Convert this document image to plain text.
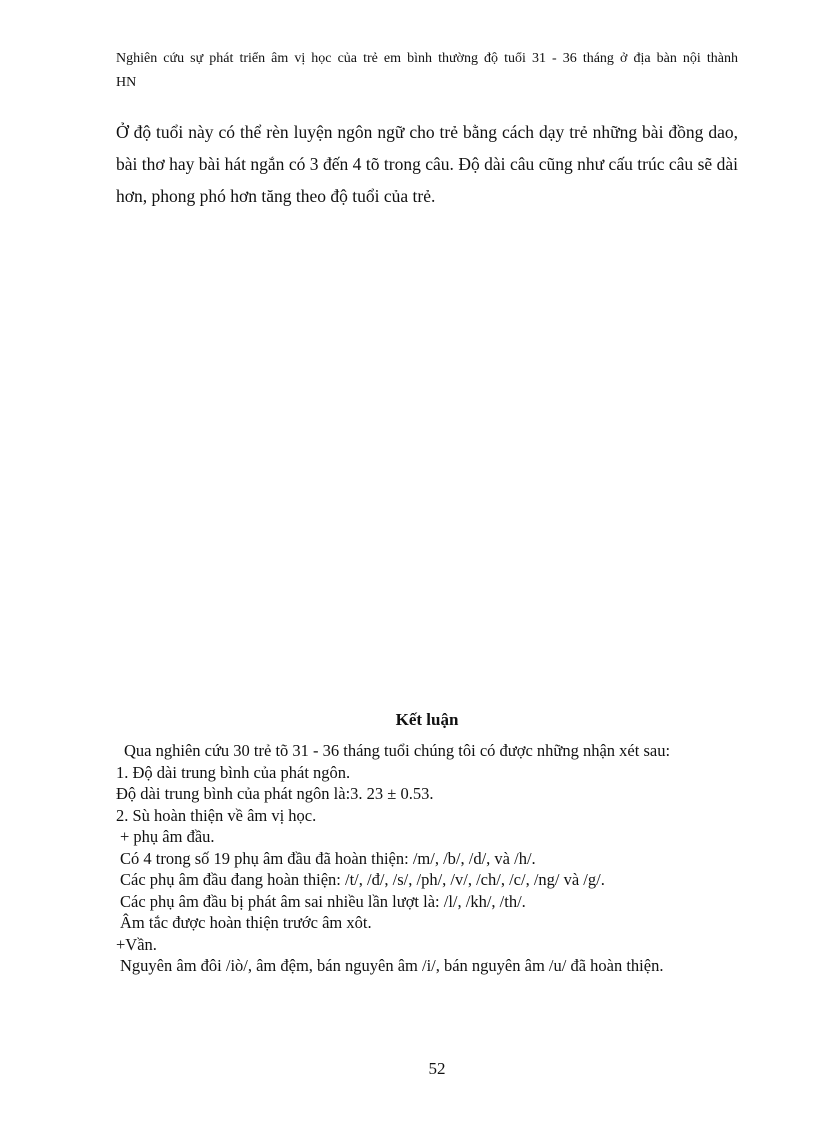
Nghiên cứu sự phát triển âm vị học của trẻ em bình thường độ tuổi 31 - 36 tháng ở địa bàn nội thành HN
Ở độ tuổi này có thể rèn luyện ngôn ngữ cho trẻ bằng cách dạy trẻ những bài đồng dao, bài thơ hay bài hát ngắn có 3 đến 4 tõ trong câu. Độ dài câu cũng như cấu trúc câu sẽ dài hơn, phong phó hơn tăng theo độ tuổi của trẻ.
Kết luận

Qua nghiên cứu 30 trẻ tõ 31 - 36 tháng tuổi chúng tôi có được những nhận xét sau:

1. Độ dài trung bình của phát ngôn.

Độ dài trung bình của phát ngôn là:3. 23 ± 0.53.

2. Sù hoàn thiện về âm vị học.

+ phụ âm đầu.

Có 4 trong số 19 phụ âm đầu đã hoàn thiện: /m/, /b/, /d/, và /h/.

Các phụ âm đầu đang hoàn thiện: /t/, /đ/, /s/, /ph/, /v/, /ch/, /c/, /ng/ và /g/.

Các phụ âm đầu bị phát âm sai nhiều lần lượt là: /l/, /kh/, /th/.

Âm tắc được hoàn thiện trước âm xôt.

+Vần.

Nguyên âm đôi /iò/, âm đệm, bán nguyên âm /i/, bán nguyên âm /u/ đã hoàn thiện.

52
